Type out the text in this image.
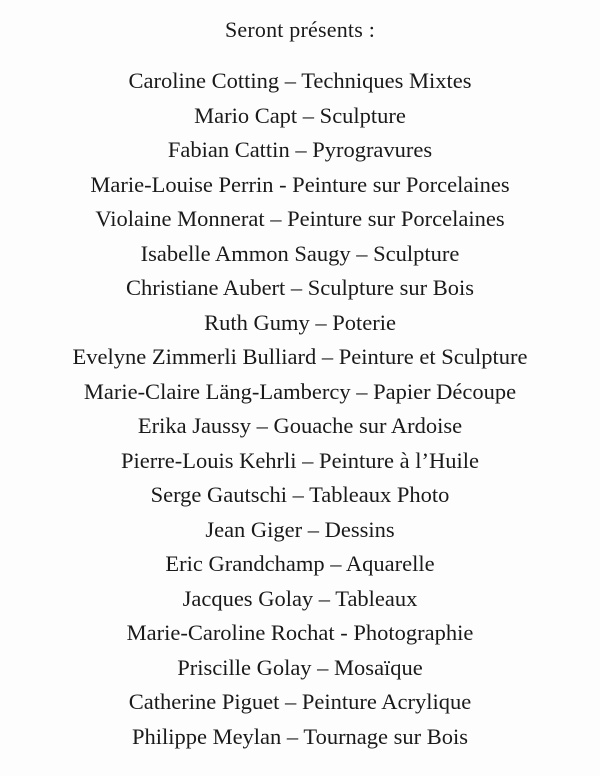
Seront présents :
Caroline Cotting – Techniques Mixtes
Mario Capt – Sculpture
Fabian Cattin – Pyrogravures
Marie-Louise Perrin - Peinture sur Porcelaines
Violaine Monnerat – Peinture sur Porcelaines
Isabelle Ammon Saugy – Sculpture
Christiane Aubert – Sculpture sur Bois
Ruth Gumy – Poterie
Evelyne Zimmerli Bulliard – Peinture et Sculpture
Marie-Claire Läng-Lambercy – Papier Découpe
Erika Jaussy – Gouache sur Ardoise
Pierre-Louis Kehrli – Peinture à l’Huile
Serge Gautschi – Tableaux Photo
Jean Giger – Dessins
Eric Grandchamp – Aquarelle
Jacques Golay – Tableaux
Marie-Caroline Rochat - Photographie
Priscille Golay – Mosaïque
Catherine Piguet – Peinture Acrylique
Philippe Meylan – Tournage sur Bois
